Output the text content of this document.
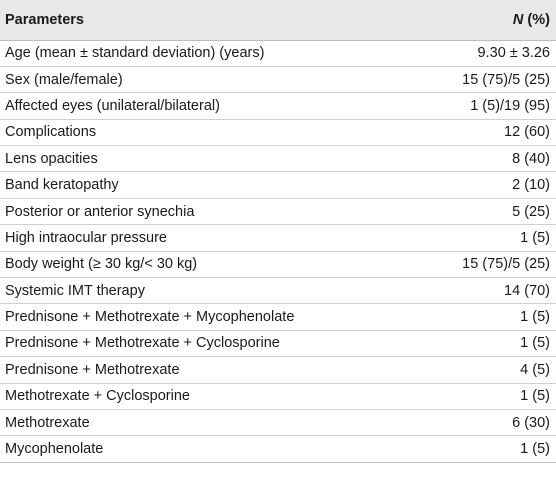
Parameters	N (%)
Age (mean ± standard deviation) (years)	9.30 ± 3.26
Sex (male/female)	15 (75)/5 (25)
Affected eyes (unilateral/bilateral)	1 (5)/19 (95)
Complications	12 (60)
Lens opacities	8 (40)
Band keratopathy	2 (10)
Posterior or anterior synechia	5 (25)
High intraocular pressure	1 (5)
Body weight (≥ 30 kg/< 30 kg)	15 (75)/5 (25)
Systemic IMT therapy	14 (70)
Prednisone + Methotrexate + Mycophenolate	1 (5)
Prednisone + Methotrexate + Cyclosporine	1 (5)
Prednisone + Methotrexate	4 (5)
Methotrexate + Cyclosporine	1 (5)
Methotrexate	6 (30)
Mycophenolate	1 (5)
